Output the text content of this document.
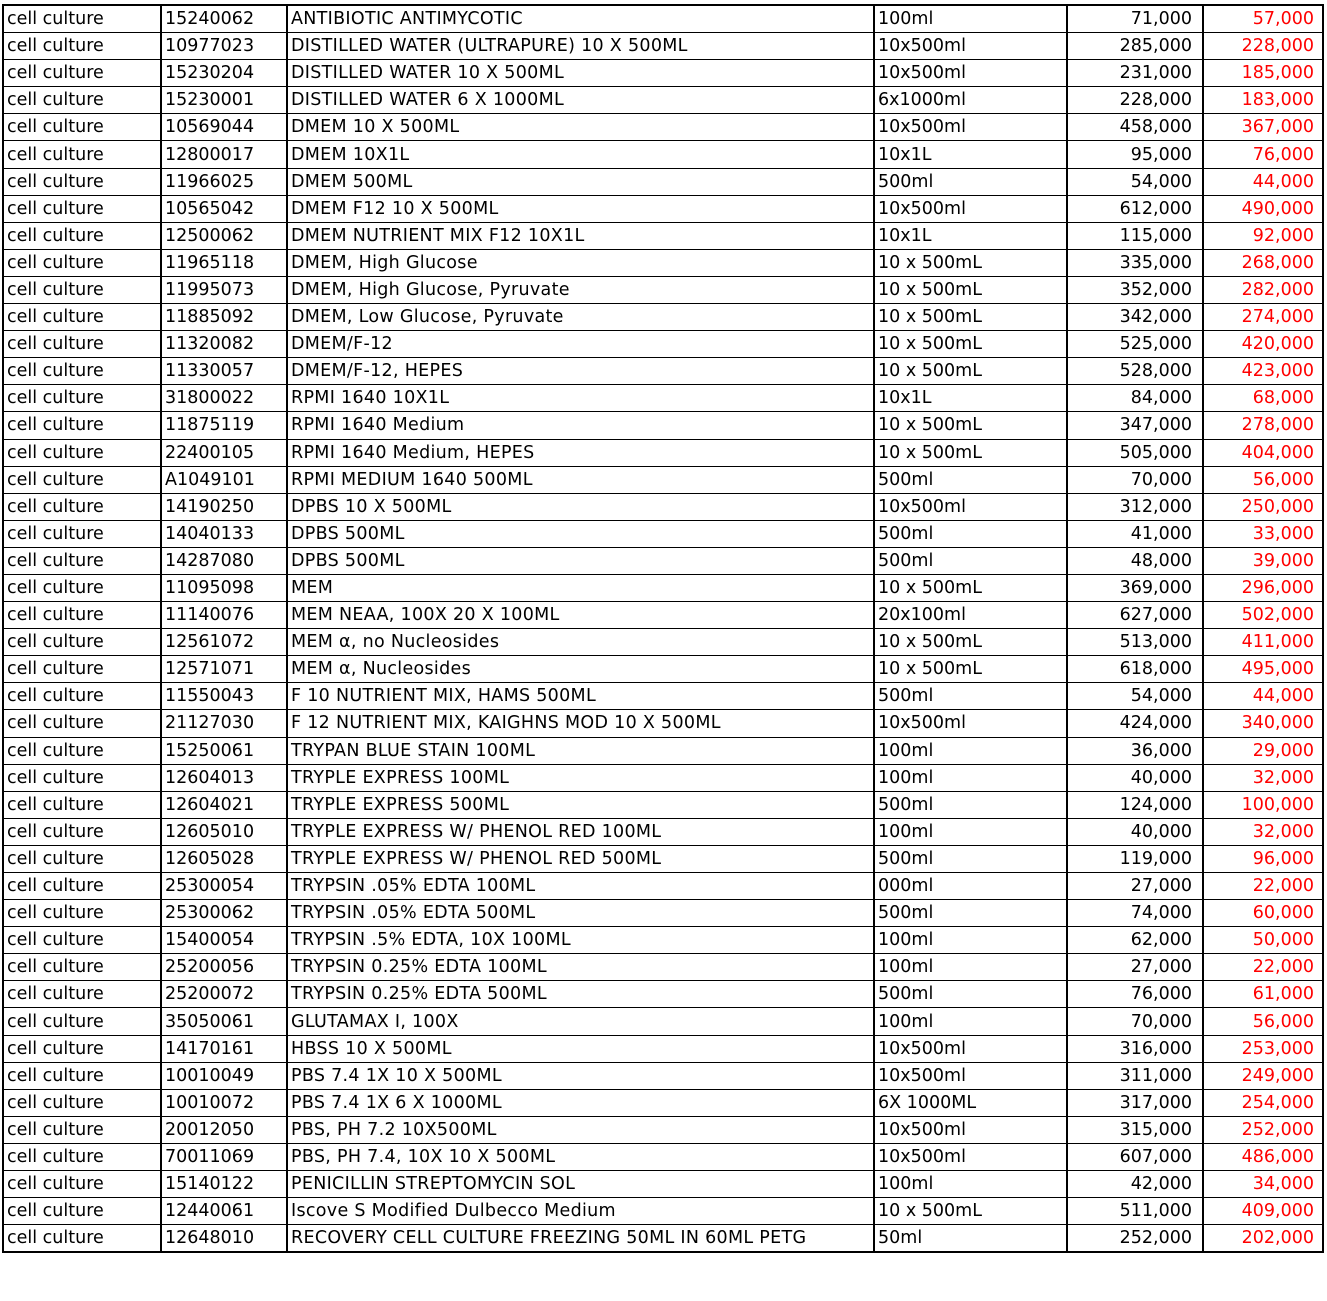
cell culture	15240062	ANTIBIOTIC ANTIMYCOTIC	100ml	71,000	57,000
cell culture	10977023	DISTILLED WATER (ULTRAPURE) 10 X 500ML	10x500ml	285,000	228,000
cell culture	15230204	DISTILLED WATER 10 X 500ML	10x500ml	231,000	185,000
cell culture	15230001	DISTILLED WATER 6 X 1000ML	6x1000ml	228,000	183,000
cell culture	10569044	DMEM 10 X 500ML	10x500ml	458,000	367,000
cell culture	12800017	DMEM 10X1L	10x1L	95,000	76,000
cell culture	11966025	DMEM 500ML	500ml	54,000	44,000
cell culture	10565042	DMEM F12 10 X 500ML	10x500ml	612,000	490,000
cell culture	12500062	DMEM NUTRIENT MIX F12 10X1L	10x1L	115,000	92,000
cell culture	11965118	DMEM, High Glucose	10 x 500mL	335,000	268,000
cell culture	11995073	DMEM, High Glucose, Pyruvate	10 x 500mL	352,000	282,000
cell culture	11885092	DMEM, Low Glucose, Pyruvate	10 x 500mL	342,000	274,000
cell culture	11320082	DMEM/F-12	10 x 500mL	525,000	420,000
cell culture	11330057	DMEM/F-12, HEPES	10 x 500mL	528,000	423,000
cell culture	31800022	RPMI 1640 10X1L	10x1L	84,000	68,000
cell culture	11875119	RPMI 1640 Medium	10 x 500mL	347,000	278,000
cell culture	22400105	RPMI 1640 Medium, HEPES	10 x 500mL	505,000	404,000
cell culture	A1049101	RPMI MEDIUM 1640 500ML	500ml	70,000	56,000
cell culture	14190250	DPBS 10 X 500ML	10x500ml	312,000	250,000
cell culture	14040133	DPBS 500ML	500ml	41,000	33,000
cell culture	14287080	DPBS 500ML	500ml	48,000	39,000
cell culture	11095098	MEM	10 x 500mL	369,000	296,000
cell culture	11140076	MEM NEAA, 100X 20 X 100ML	20x100ml	627,000	502,000
cell culture	12561072	MEM α, no Nucleosides	10 x 500mL	513,000	411,000
cell culture	12571071	MEM α, Nucleosides	10 x 500mL	618,000	495,000
cell culture	11550043	F 10 NUTRIENT MIX, HAMS 500ML	500ml	54,000	44,000
cell culture	21127030	F 12 NUTRIENT MIX, KAIGHNS MOD 10 X 500ML	10x500ml	424,000	340,000
cell culture	15250061	TRYPAN BLUE STAIN 100ML	100ml	36,000	29,000
cell culture	12604013	TRYPLE EXPRESS 100ML	100ml	40,000	32,000
cell culture	12604021	TRYPLE EXPRESS 500ML	500ml	124,000	100,000
cell culture	12605010	TRYPLE EXPRESS W/ PHENOL RED 100ML	100ml	40,000	32,000
cell culture	12605028	TRYPLE EXPRESS W/ PHENOL RED 500ML	500ml	119,000	96,000
cell culture	25300054	TRYPSIN .05% EDTA 100ML	000ml	27,000	22,000
cell culture	25300062	TRYPSIN .05% EDTA 500ML	500ml	74,000	60,000
cell culture	15400054	TRYPSIN .5% EDTA, 10X 100ML	100ml	62,000	50,000
cell culture	25200056	TRYPSIN 0.25% EDTA 100ML	100ml	27,000	22,000
cell culture	25200072	TRYPSIN 0.25% EDTA 500ML	500ml	76,000	61,000
cell culture	35050061	GLUTAMAX I, 100X	100ml	70,000	56,000
cell culture	14170161	HBSS 10 X 500ML	10x500ml	316,000	253,000
cell culture	10010049	PBS 7.4 1X 10 X 500ML	10x500ml	311,000	249,000
cell culture	10010072	PBS 7.4 1X 6 X 1000ML	6X 1000ML	317,000	254,000
cell culture	20012050	PBS, PH 7.2 10X500ML	10x500ml	315,000	252,000
cell culture	70011069	PBS, PH 7.4, 10X 10 X 500ML	10x500ml	607,000	486,000
cell culture	15140122	PENICILLIN STREPTOMYCIN SOL	100ml	42,000	34,000
cell culture	12440061	Iscove S Modified Dulbecco Medium	10 x 500mL	511,000	409,000
cell culture	12648010	RECOVERY CELL CULTURE FREEZING 50ML IN 60ML PETG	50ml	252,000	202,000
